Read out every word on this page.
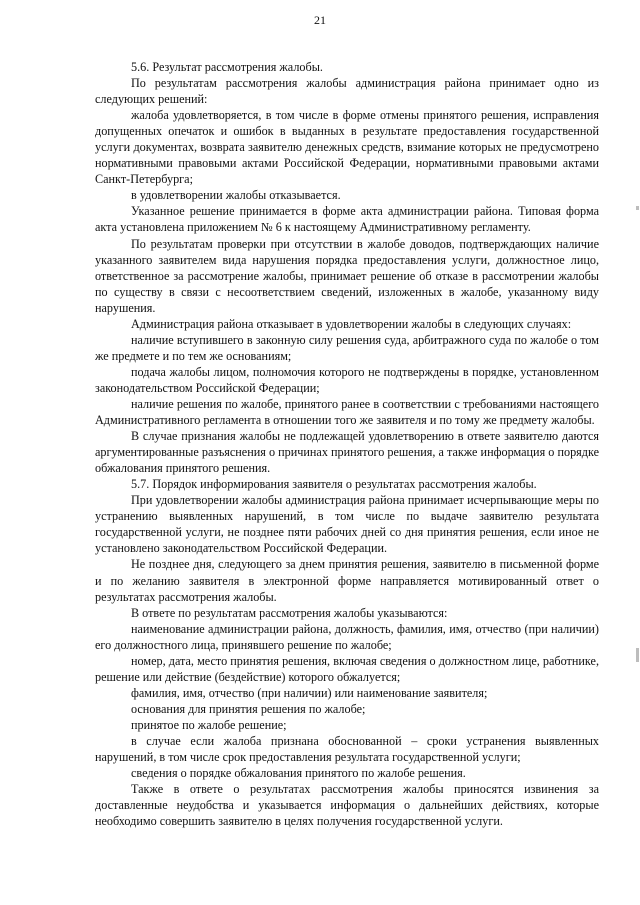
21

5.6. Результат рассмотрения жалобы.

По результатам рассмотрения жалобы администрация района принимает одно из следующих решений:

жалоба удовлетворяется, в том числе в форме отмены принятого решения, исправления допущенных опечаток и ошибок в выданных в результате предоставления государственной услуги документах, возврата заявителю денежных средств, взимание которых не предусмотрено нормативными правовыми актами Российской Федерации, нормативными правовыми актами Санкт-Петербурга;

в удовлетворении жалобы отказывается.

Указанное решение принимается в форме акта администрации района. Типовая форма акта установлена приложением № 6 к настоящему Административному регламенту.

По результатам проверки при отсутствии в жалобе доводов, подтверждающих наличие указанного заявителем вида нарушения порядка предоставления услуги, должностное лицо, ответственное за рассмотрение жалобы, принимает решение об отказе в рассмотрении жалобы по существу в связи с несоответствием сведений, изложенных в жалобе, указанному виду нарушения.

Администрация района отказывает в удовлетворении жалобы в следующих случаях:

наличие вступившего в законную силу решения суда, арбитражного суда по жалобе о том же предмете и по тем же основаниям;

подача жалобы лицом, полномочия которого не подтверждены в порядке, установленном законодательством Российской Федерации;

наличие решения по жалобе, принятого ранее в соответствии с требованиями настоящего Административного регламента в отношении того же заявителя и по тому же предмету жалобы.

В случае признания жалобы не подлежащей удовлетворению в ответе заявителю даются аргументированные разъяснения о причинах принятого решения, а также информация о порядке обжалования принятого решения.

5.7. Порядок информирования заявителя о результатах рассмотрения жалобы.

При удовлетворении жалобы администрация района принимает исчерпывающие меры по устранению выявленных нарушений, в том числе по выдаче заявителю результата государственной услуги, не позднее пяти рабочих дней со дня принятия решения, если иное не установлено законодательством Российской Федерации.

Не позднее дня, следующего за днем принятия решения, заявителю в письменной форме и по желанию заявителя в электронной форме направляется мотивированный ответ о результатах рассмотрения жалобы.

В ответе по результатам рассмотрения жалобы указываются:

наименование администрации района, должность, фамилия, имя, отчество (при наличии) его должностного лица, принявшего решение по жалобе;

номер, дата, место принятия решения, включая сведения о должностном лице, работнике, решение или действие (бездействие) которого обжалуется;

фамилия, имя, отчество (при наличии) или наименование заявителя;

основания для принятия решения по жалобе;

принятое по жалобе решение;

в случае если жалоба признана обоснованной – сроки устранения выявленных нарушений, в том числе срок предоставления результата государственной услуги;

сведения о порядке обжалования принятого по жалобе решения.

Также в ответе о результатах рассмотрения жалобы приносятся извинения за доставленные неудобства и указывается информация о дальнейших действиях, которые необходимо совершить заявителю в целях получения государственной услуги.
